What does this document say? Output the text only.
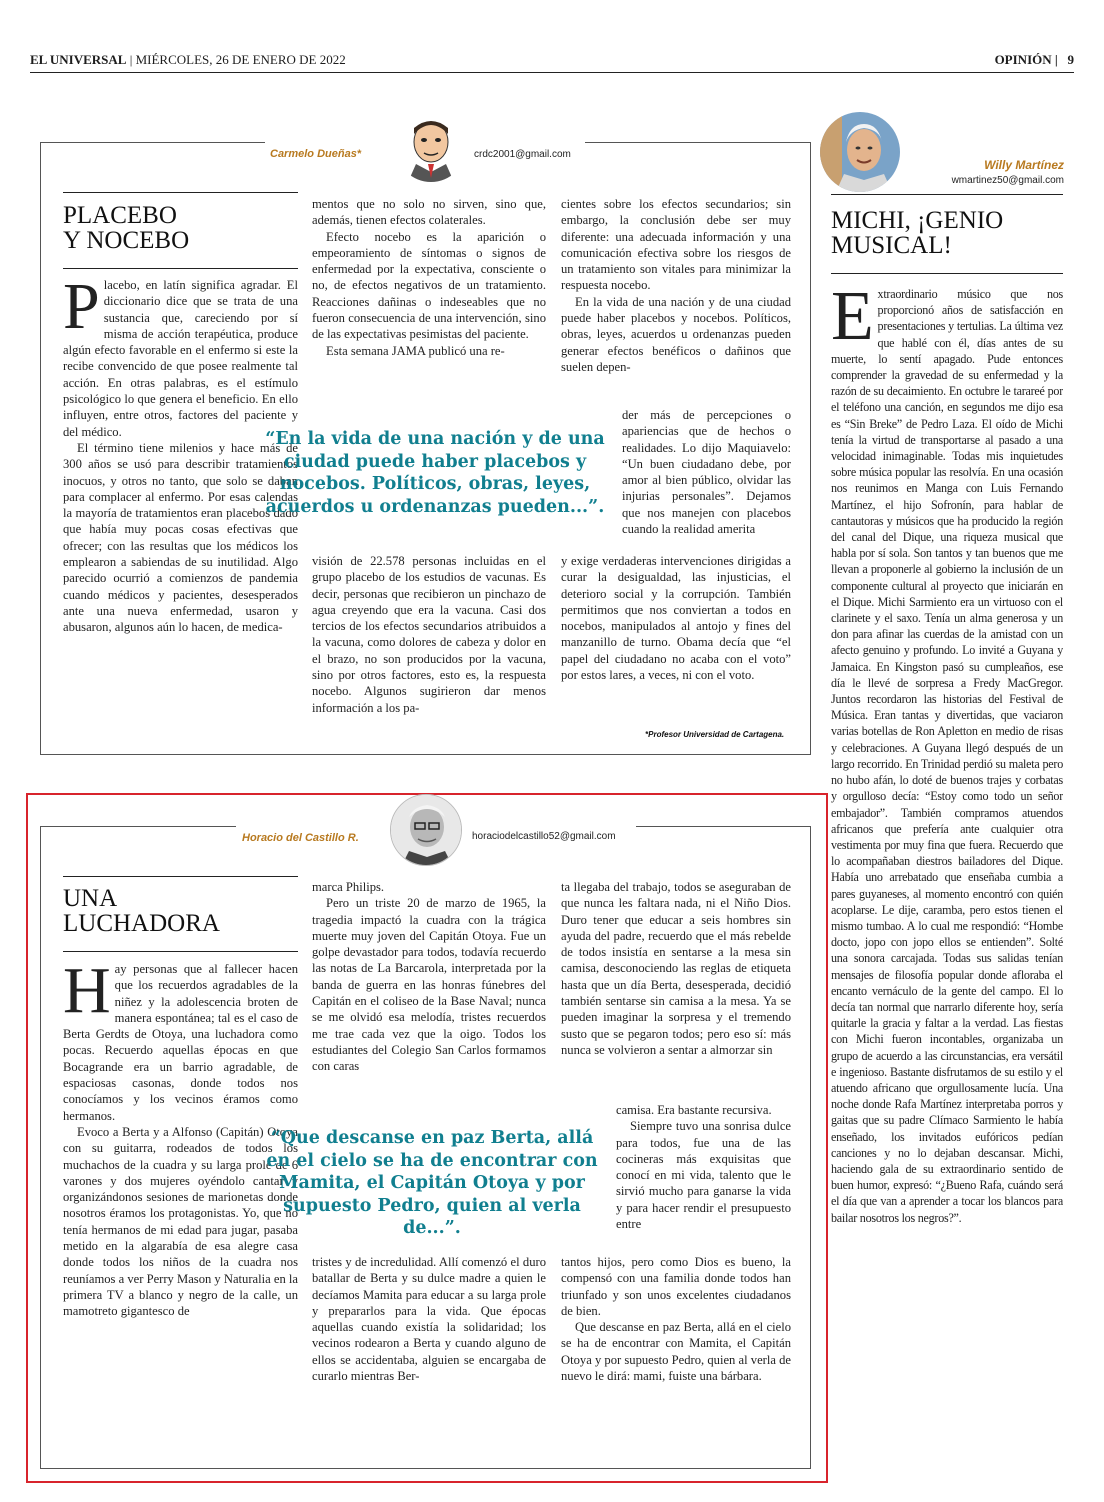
EL UNIVERSAL | MIÉRCOLES, 26 DE ENERO DE 2022	OPINIÓN |   9
Carmelo Dueñas*	crdc2001@gmail.com
PLACEBO
Y NOCEBO

Placebo, en latín significa agradar. El diccionario dice que se trata de una sustancia que, careciendo por sí misma de acción terapéutica, produce algún efecto favorable en el enfermo si este la recibe convencido de que posee realmente tal acción. En otras palabras, es el estímulo psicológico lo que genera el beneficio. En ello influyen, entre otros, factores del paciente y del médico.

El término tiene milenios y hace más de 300 años se usó para describir tratamientos inocuos, y otros no tanto, que solo se daban para complacer al enfermo. Por esas calendas la mayoría de tratamientos eran placebos dado que había muy pocas cosas efectivas que ofrecer; con las resultas que los médicos los emplearon a sabiendas de su inutilidad. Algo parecido ocurrió a comienzos de pandemia cuando médicos y pacientes, desesperados ante una nueva enfermedad, usaron y abusaron, algunos aún lo hacen, de medica-

mentos que no solo no sirven, sino que, además, tienen efectos colaterales.

Efecto nocebo es la aparición o empeoramiento de síntomas o signos de enfermedad por la expectativa, consciente o no, de efectos negativos de un tratamiento. Reacciones dañinas o indeseables que no fueron consecuencia de una intervención, sino de las expectativas pesimistas del paciente.

Esta semana JAMA publicó una re-

“En la vida de una nación y de una ciudad puede haber placebos y nocebos. Políticos, obras, leyes, acuerdos u ordenanzas pueden...”.

visión de 22.578 personas incluidas en el grupo placebo de los estudios de vacunas. Es decir, personas que recibieron un pinchazo de agua creyendo que era la vacuna. Casi dos tercios de los efectos secundarios atribuidos a la vacuna, como dolores de cabeza y dolor en el brazo, no son producidos por la vacuna, sino por otros factores, esto es, la respuesta nocebo. Algunos sugirieron dar menos información a los pa-

cientes sobre los efectos secundarios; sin embargo, la conclusión debe ser muy diferente: una adecuada información y una comunicación efectiva sobre los riesgos de un tratamiento son vitales para minimizar la respuesta nocebo.

En la vida de una nación y de una ciudad puede haber placebos y nocebos. Políticos, obras, leyes, acuerdos u ordenanzas pueden generar efectos benéficos o dañinos que suelen depen-

der más de percepciones o apariencias que de hechos o realidades. Lo dijo Maquiavelo: “Un buen ciudadano debe, por amor al bien público, olvidar las injurias personales”. Dejamos que nos manejen con placebos cuando la realidad amerita

y exige verdaderas intervenciones dirigidas a curar la desigualdad, las injusticias, el deterioro social y la corrupción. También permitimos que nos conviertan a todos en nocebos, manipulados al antojo y fines del manzanillo de turno. Obama decía que “el papel del ciudadano no acaba con el voto” por estos lares, a veces, ni con el voto.

*Profesor Universidad de Cartagena.
Horacio del Castillo R.	horaciodelcastillo52@gmail.com
UNA
LUCHADORA

Hay personas que al fallecer hacen que los recuerdos agradables de la niñez y la adolescencia broten de manera espontánea; tal es el caso de Berta Gerdts de Otoya, una luchadora como pocas. Recuerdo aquellas épocas en que Bocagrande era un barrio agradable, de espaciosas casonas, donde todos nos conocíamos y los vecinos éramos como hermanos.

Evoco a Berta y a Alfonso (Capitán) Otoya con su guitarra, rodeados de todos los muchachos de la cuadra y su larga prole de 6 varones y dos mujeres oyéndolo cantar y organizándonos sesiones de marionetas donde nosotros éramos los protagonistas. Yo, que no tenía hermanos de mi edad para jugar, pasaba metido en la algarabía de esa alegre casa donde todos los niños de la cuadra nos reuníamos a ver Perry Mason y Naturalia en la primera TV a blanco y negro de la calle, un mamotreto gigantesco de

marca Philips.

Pero un triste 20 de marzo de 1965, la tragedia impactó la cuadra con la trágica muerte muy joven del Capitán Otoya. Fue un golpe devastador para todos, todavía recuerdo las notas de La Barcarola, interpretada por la banda de guerra en las honras fúnebres del Capitán en el coliseo de la Base Naval; nunca se me olvidó esa melodía, tristes recuerdos me trae cada vez que la oigo. Todos los estudiantes del Colegio San Carlos formamos con caras

“Que descanse en paz Berta, allá en el cielo se ha de encontrar con Mamita, el Capitán Otoya y por supuesto Pedro, quien al verla de...”.

tristes y de incredulidad. Allí comenzó el duro batallar de Berta y su dulce madre a quien le decíamos Mamita para educar a su larga prole y prepararlos para la vida. Que épocas aquellas cuando existía la solidaridad; los vecinos rodearon a Berta y cuando alguno de ellos se accidentaba, alguien se encargaba de curarlo mientras Ber-

ta llegaba del trabajo, todos se aseguraban de que nunca les faltara nada, ni el Niño Dios. Duro tener que educar a seis hombres sin ayuda del padre, recuerdo que el más rebelde de todos insistía en sentarse a la mesa sin camisa, desconociendo las reglas de etiqueta hasta que un día Berta, desesperada, decidió también sentarse sin camisa a la mesa. Ya se pueden imaginar la sorpresa y el tremendo susto que se pegaron todos; pero eso sí: más nunca se volvieron a sentar a almorzar sin

camisa. Era bastante recursiva.

Siempre tuvo una sonrisa dulce para todos, fue una de las cocineras más exquisitas que conocí en mi vida, talento que le sirvió mucho para ganarse la vida y para hacer rendir el presupuesto entre

tantos hijos, pero como Dios es bueno, la compensó con una familia donde todos han triunfado y son unos excelentes ciudadanos de bien.

Que descanse en paz Berta, allá en el cielo se ha de encontrar con Mamita, el Capitán Otoya y por supuesto Pedro, quien al verla de nuevo le dirá: mami, fuiste una bárbara.

Willy Martínez
wmartinez50@gmail.com
MICHI, ¡GENIO
MUSICAL!

Extraordinario músico que nos proporcionó años de satisfacción en presentaciones y tertulias. La última vez que hablé con él, días antes de su muerte, lo sentí apagado. Pude entonces comprender la gravedad de su enfermedad y la razón de su decaimiento. En octubre le tarareé por el teléfono una canción, en segundos me dijo esa es “Sin Breke” de Pedro Laza. El oído de Michi tenía la virtud de transportarse al pasado a una velocidad inimaginable. Todas mis inquietudes sobre música popular las resolvía. En una ocasión nos reunimos en Manga con Luis Fernando Martínez, el hijo Sofronín, para hablar de cantautoras y músicos que ha producido la región del canal del Dique, una riqueza musical que habla por sí sola. Son tantos y tan buenos que me llevan a proponerle al gobierno la inclusión de un componente cultural al proyecto que iniciarán en el Dique. Michi Sarmiento era un virtuoso con el clarinete y el saxo. Tenía un alma generosa y un don para afinar las cuerdas de la amistad con un afecto genuino y profundo. Lo invité a Guyana y Jamaica. En Kingston pasó su cumpleaños, ese día le llevé de sorpresa a Fredy MacGregor. Juntos recordaron las historias del Festival de Música. Eran tantas y divertidas, que vaciaron varias botellas de Ron Apletton en medio de risas y celebraciones. A Guyana llegó después de un largo recorrido. En Trinidad perdió su maleta pero no hubo afán, lo doté de buenos trajes y corbatas y orgulloso decía: “Estoy como todo un señor embajador”. También compramos atuendos africanos que prefería ante cualquier otra vestimenta por muy fina que fuera. Recuerdo que lo acompañaban diestros bailadores del Dique. Había uno arrebatado que enseñaba cumbia a pares guyaneses, al momento encontró con quién acoplarse. Le dije, caramba, pero estos tienen el mismo tumbao. A lo cual me respondió: “Hombe docto, jopo con jopo ellos se entienden”. Solté una sonora carcajada. Todas sus salidas tenían mensajes de filosofía popular donde afloraba el encanto vernáculo de la gente del campo. El lo decía tan normal que narrarlo diferente hoy, sería quitarle la gracia y faltar a la verdad. Las fiestas con Michi fueron incontables, organizaba un grupo de acuerdo a las circunstancias, era versátil e ingenioso. Bastante disfrutamos de su estilo y el atuendo africano que orgullosamente lucía. Una noche donde Rafa Martínez interpretaba porros y gaitas que su padre Clímaco Sarmiento le había enseñado, los invitados eufóricos pedían canciones y no lo dejaban descansar. Michi, haciendo gala de su extraordinario sentido de buen humor, expresó: “¿Bueno Rafa, cuándo será el día que van a aprender a tocar los blancos para bailar nosotros los negros?”.
